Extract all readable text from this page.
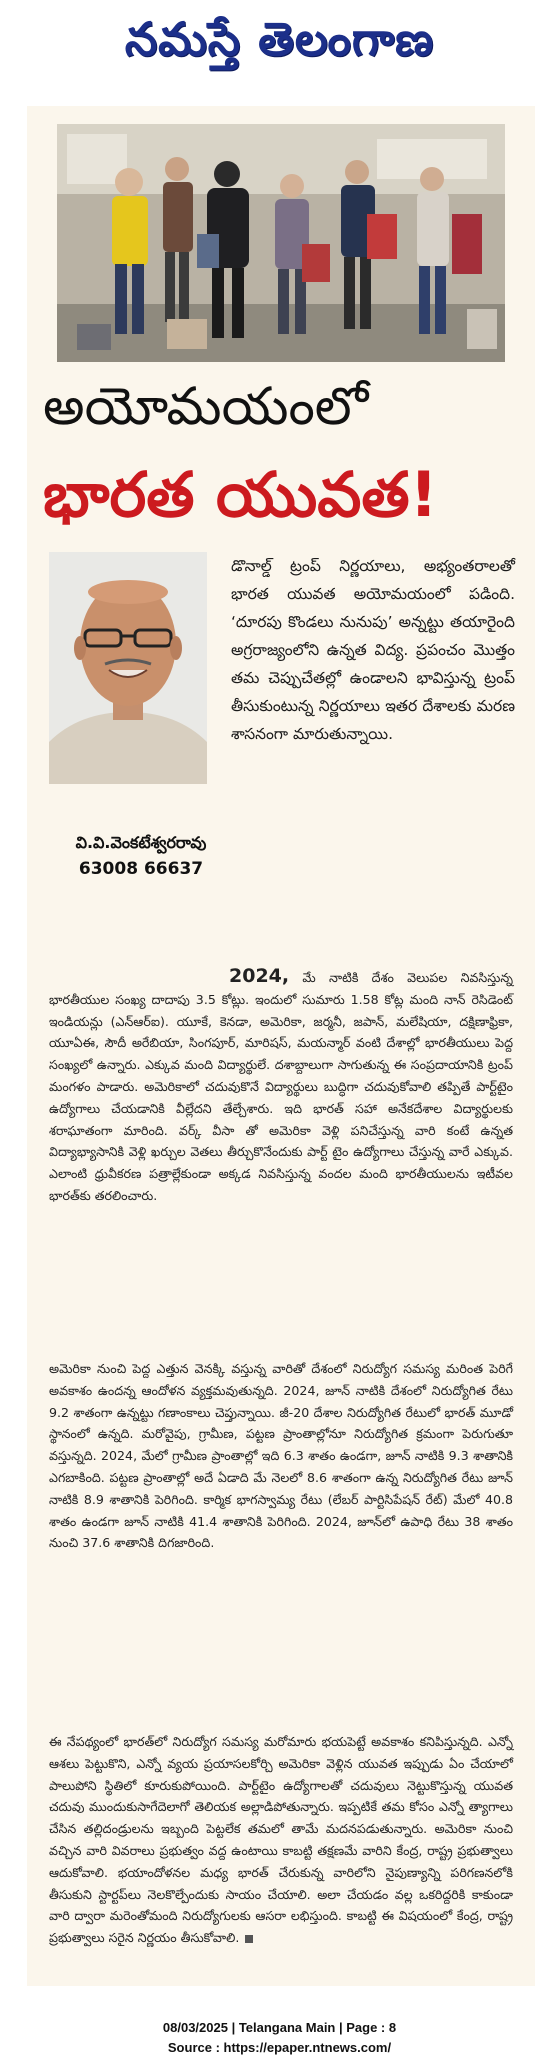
నమస్తే తెలంగాణ
అయోమయంలో
భారత యువత!
వి.వి.వెంకటేశ్వరరావు
63008 66637

డొనాల్డ్ ట్రంప్ నిర్ణయాలు, అభ్యంతరాలతో భారత యువత అయోమయంలో పడింది. ‘దూరపు కొండలు నునుపు’ అన్నట్టు తయారైంది అగ్రరాజ్యంలోని ఉన్నత విద్య. ప్రపంచం మొత్తం తమ చెప్పుచేతల్లో ఉండాలని భావిస్తున్న ట్రంప్ తీసుకుంటున్న నిర్ణయాలు ఇతర దేశాలకు మరణ శాసనంగా మారుతున్నాయి.

2024, మే నాటికి దేశం వెలుపల నివసిస్తున్న భారతీయుల సంఖ్య దాదాపు 3.5 కోట్లు. ఇందులో సుమారు 1.58 కోట్ల మంది నాన్ రెసిడెంట్ ఇండియన్లు (ఎన్ఆర్ఐ). యూకే, కెనడా, అమెరికా, జర్మనీ, జపాన్, మలేషియా, దక్షిణాఫ్రికా, యూఏఈ, సౌదీ అరేబియా, సింగపూర్, మారిషస్, మయన్మార్ వంటి దేశాల్లో భారతీయులు పెద్ద సంఖ్యలో ఉన్నారు. ఎక్కువ మంది విద్యార్థులే. దశాబ్దాలుగా సాగుతున్న ఈ సంప్రదాయానికి ట్రంప్ మంగళం పాడారు. అమెరికాలో చదువుకొనే విద్యార్థులు బుద్ధిగా చదువుకోవాలి తప్పితే పార్ట్‌టైం ఉద్యోగాలు చేయడానికి వీల్లేదని తేల్చేశారు. ఇది భారత్ సహా అనేకదేశాల విద్యార్థులకు శరాఘాతంగా మారింది. వర్క్ వీసా తో అమెరికా వెళ్లి పనిచేస్తున్న వారి కంటే ఉన్నత విద్యాభ్యాసానికి వెళ్లి ఖర్చుల వెతలు తీర్చుకొనేందుకు పార్ట్ టైం ఉద్యోగాలు చేస్తున్న వారే ఎక్కువ. ఎలాంటి ధ్రువీకరణ పత్రాల్లేకుండా అక్కడ నివసిస్తున్న వందల మంది భారతీయులను ఇటీవల భారత్‌కు తరలించారు.

అమెరికా నుంచి పెద్ద ఎత్తున వెనక్కి వస్తున్న వారితో దేశంలో నిరుద్యోగ సమస్య మరింత పెరిగే అవకాశం ఉందన్న ఆందోళన వ్యక్తమవుతున్నది. 2024, జూన్ నాటికి దేశంలో నిరుద్యోగిత రేటు 9.2 శాతంగా ఉన్నట్టు గణాంకాలు చెప్తున్నాయి. జీ-20 దేశాల నిరుద్యోగిత రేటులో భారత్ మూడో స్థానంలో ఉన్నది. మరోవైపు, గ్రామీణ, పట్టణ ప్రాంతాల్లోనూ నిరుద్యోగిత క్రమంగా పెరుగుతూ వస్తున్నది. 2024, మేలో గ్రామీణ ప్రాంతాల్లో ఇది 6.3 శాతం ఉండగా, జూన్ నాటికి 9.3 శాతానికి ఎగబాకింది. పట్టణ ప్రాంతాల్లో అదే ఏడాది మే నెలలో 8.6 శాతంగా ఉన్న నిరుద్యోగిత రేటు జూన్ నాటికి 8.9 శాతానికి పెరిగింది. కార్మిక భాగస్వామ్య రేటు (లేబర్ పార్టిసిపేషన్ రేట్) మేలో 40.8 శాతం ఉండగా జూన్ నాటికి 41.4 శాతానికి పెరిగింది. 2024, జూన్‌లో ఉపాధి రేటు 38 శాతం నుంచి 37.6 శాతానికి దిగజారింది.

ఈ నేపథ్యంలో భారత్‌లో నిరుద్యోగ సమస్య మరోమారు భయపెట్టే అవకాశం కనిపిస్తున్నది. ఎన్నో ఆశలు పెట్టుకొని, ఎన్నో వ్యయ ప్రయాసలకోర్చి అమెరికా వెళ్లిన యువత ఇప్పుడు ఏం చేయాలో పాలుపోని స్థితిలో కూరుకుపోయింది. పార్ట్‌టైం ఉద్యోగాలతో చదువులు నెట్టుకొస్తున్న యువత చదువు ముందుకుసాగేదెలాగో తెలియక అల్లాడిపోతున్నారు. ఇప్పటికే తమ కోసం ఎన్నో త్యాగాలు చేసిన తల్లిదండ్రులను ఇబ్బంది పెట్టలేక తమలో తామే మదనపడుతున్నారు. అమెరికా నుంచి వచ్చిన వారి వివరాలు ప్రభుత్వం వద్ద ఉంటాయి కాబట్టి తక్షణమే వారిని కేంద్ర, రాష్ట్ర ప్రభుత్వాలు ఆదుకోవాలి. భయాందోళనల మధ్య భారత్ చేరుకున్న వారిలోని నైపుణ్యాన్ని పరిగణనలోకి తీసుకుని స్టార్టప్‌లు నెలకొల్పేందుకు సాయం చేయాలి. అలా చేయడం వల్ల ఒకరిద్దరికి కాకుండా వారి ద్వారా మరెంతోమంది నిరుద్యోగులకు ఆసరా లభిస్తుంది. కాబట్టి ఈ విషయంలో కేంద్ర, రాష్ట్ర ప్రభుత్వాలు సరైన నిర్ణయం తీసుకోవాలి.

08/03/2025 | Telangana Main | Page : 8
Source : https://epaper.ntnews.com/
